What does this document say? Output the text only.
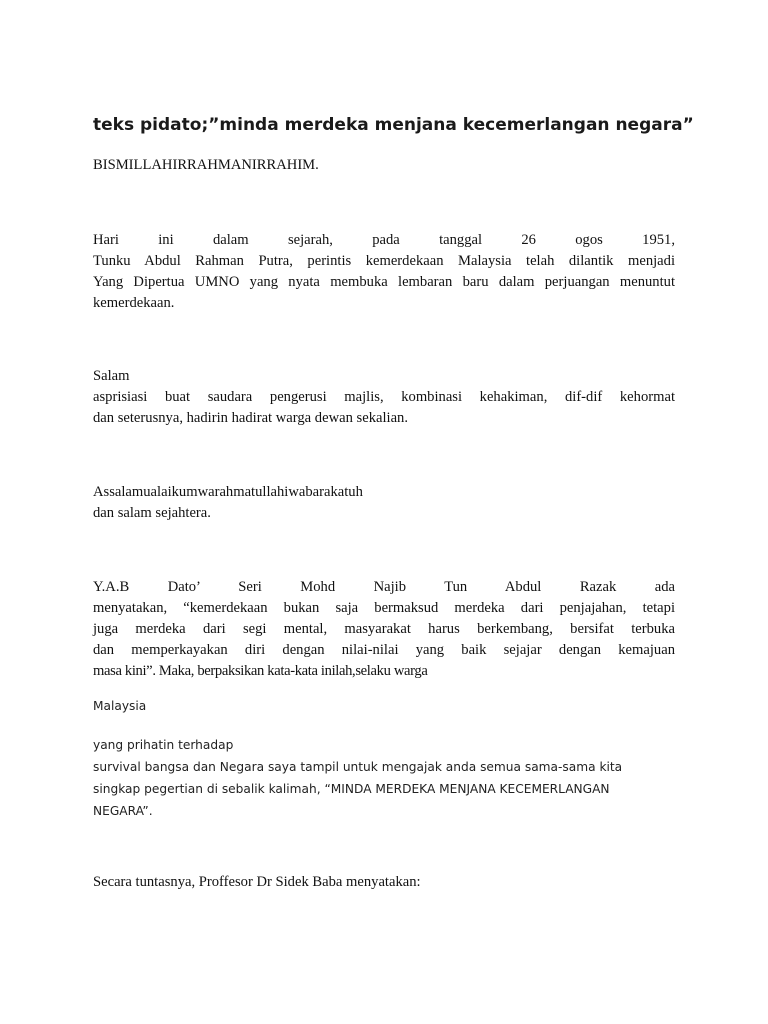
teks pidato;”minda merdeka menjana kecemerlangan negara”

BISMILLAHIRRAHMANIRRAHIM.

Hari ini dalam sejarah, pada tanggal 26 ogos 1951,
Tunku Abdul Rahman Putra, perintis kemerdekaan Malaysia telah dilantik menjadi
Yang Dipertua UMNO yang nyata membuka lembaran baru dalam perjuangan menuntut
kemerdekaan.
Salam
asprisiasi buat saudara pengerusi majlis, kombinasi kehakiman, dif-dif kehormat
dan seterusnya, hadirin hadirat warga dewan sekalian.
Assalamualaikumwarahmatullahiwabarakatuh
dan salam sejahtera.
Y.A.B Dato’ Seri Mohd Najib Tun Abdul Razak ada
menyatakan, “kemerdekaan bukan saja bermaksud merdeka dari penjajahan, tetapi
juga merdeka dari segi mental, masyarakat harus berkembang, bersifat terbuka
dan memperkayakan diri dengan nilai-nilai yang baik sejajar dengan kemajuan
masa kini”. Maka, berpaksikan kata-kata inilah,selaku warga

Malaysia

yang prihatin terhadap
survival bangsa dan Negara saya tampil untuk mengajak anda semua sama-sama kita
singkap pegertian di sebalik kalimah, “MINDA MERDEKA MENJANA KECEMERLANGAN
NEGARA”.

Secara tuntasnya, Proffesor Dr Sidek Baba menyatakan:
